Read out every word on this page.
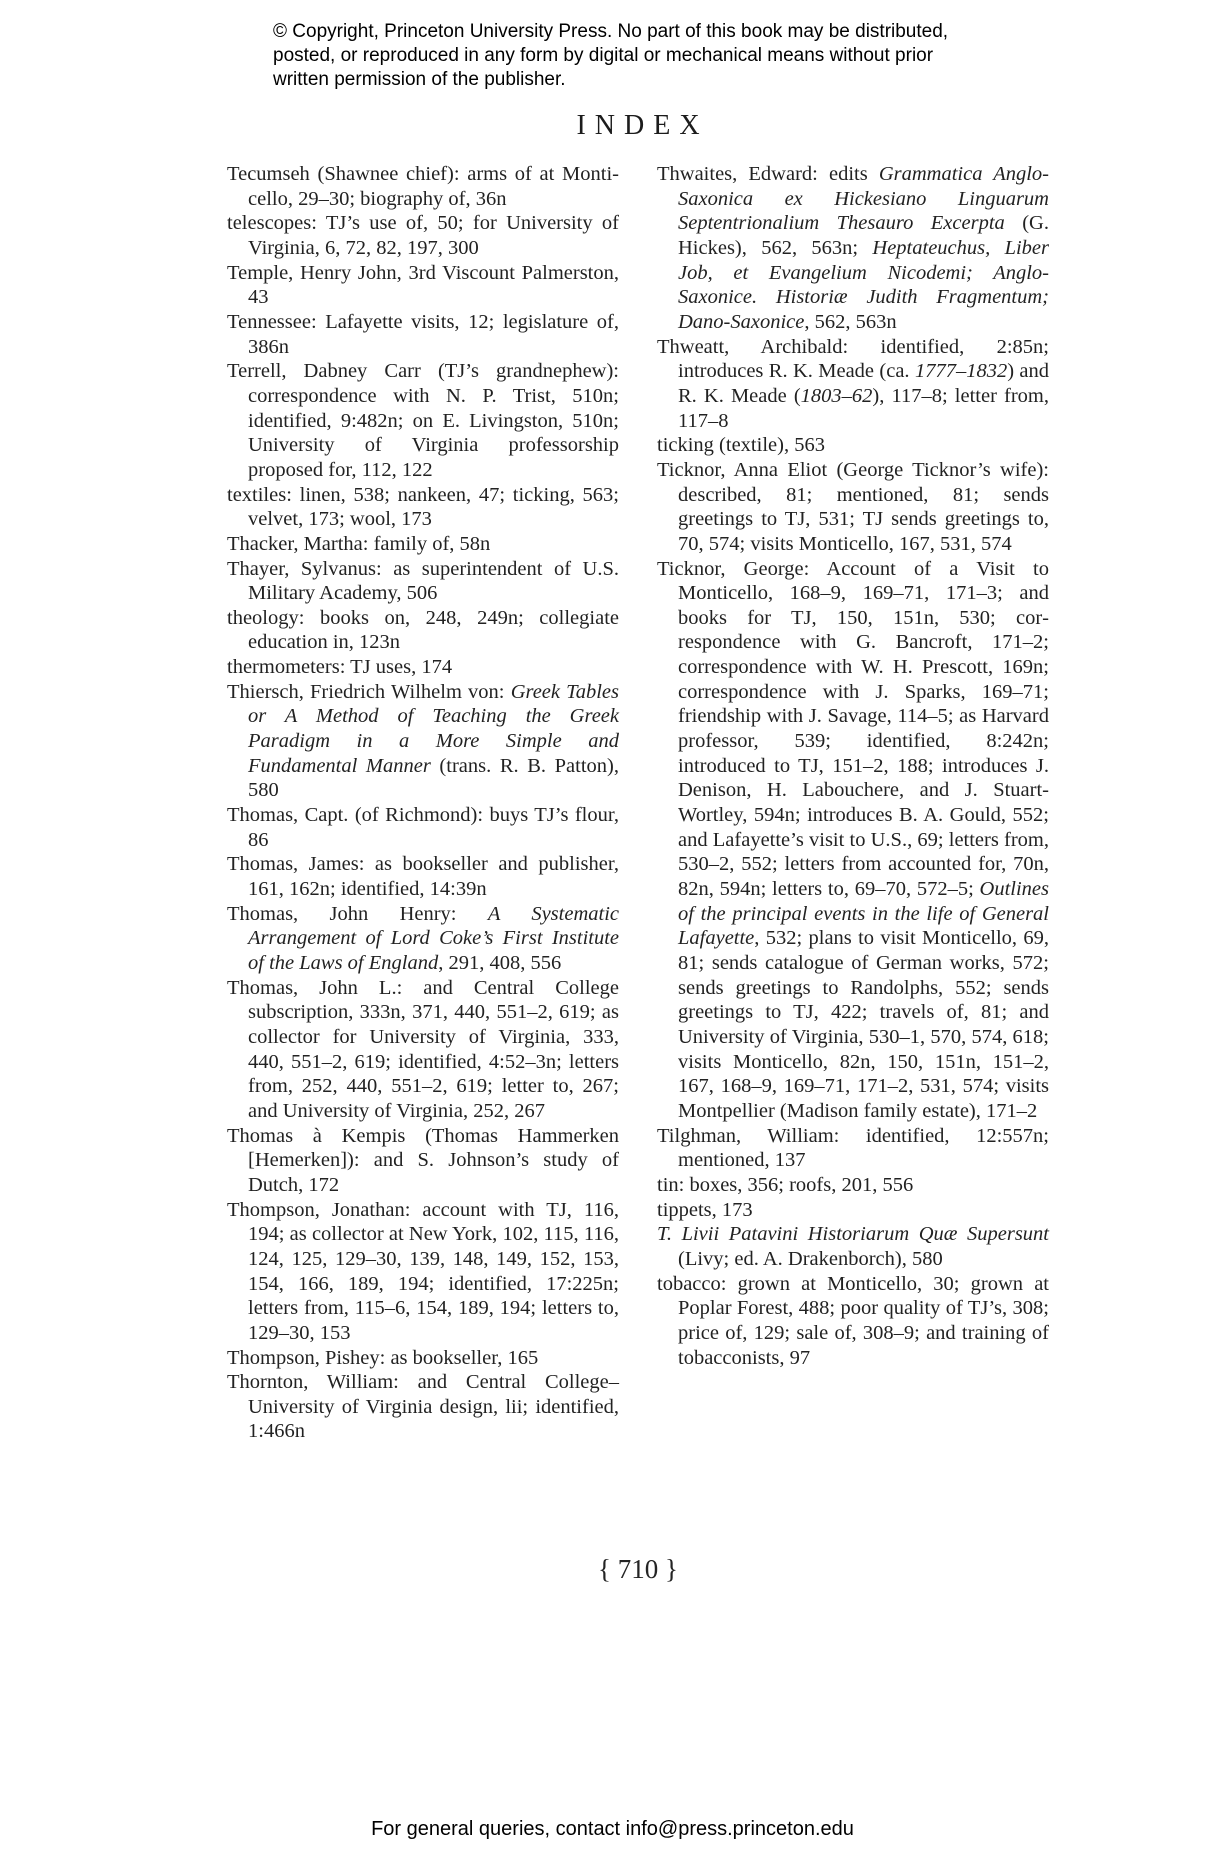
© Copyright, Princeton University Press. No part of this book may be distributed, posted, or reproduced in any form by digital or mechanical means without prior written permission of the publisher.
INDEX

Tecumseh (Shawnee chief): arms of at Monticello, 29–30; biography of, 36n

telescopes: TJ’s use of, 50; for University of Virginia, 6, 72, 82, 197, 300

Temple, Henry John, 3rd Viscount Palmerston, 43

Tennessee: Lafayette visits, 12; legislature of, 386n

Terrell, Dabney Carr (TJ’s grandnephew): correspondence with N. P. Trist, 510n; identified, 9:482n; on E. Livingston, 510n; University of Virginia professorship proposed for, 112, 122

textiles: linen, 538; nankeen, 47; ticking, 563; velvet, 173; wool, 173

Thacker, Martha: family of, 58n

Thayer, Sylvanus: as superintendent of U.S. Military Academy, 506

theology: books on, 248, 249n; collegiate education in, 123n

thermometers: TJ uses, 174

Thiersch, Friedrich Wilhelm von: Greek Tables or A Method of Teaching the Greek Paradigm in a More Simple and Fundamental Manner (trans. R. B. Patton), 580

Thomas, Capt. (of Richmond): buys TJ’s flour, 86

Thomas, James: as bookseller and publisher, 161, 162n; identified, 14:39n

Thomas, John Henry: A Systematic Arrangement of Lord Coke’s First Institute of the Laws of England, 291, 408, 556

Thomas, John L.: and Central College subscription, 333n, 371, 440, 551–2, 619; as collector for University of Virginia, 333, 440, 551–2, 619; identified, 4:52–3n; letters from, 252, 440, 551–2, 619; letter to, 267; and University of Virginia, 252, 267

Thomas à Kempis (Thomas Hammerken [Hemerken]): and S. Johnson’s study of Dutch, 172

Thompson, Jonathan: account with TJ, 116, 194; as collector at New York, 102, 115, 116, 124, 125, 129–30, 139, 148, 149, 152, 153, 154, 166, 189, 194; identified, 17:225n; letters from, 115–6, 154, 189, 194; letters to, 129–30, 153

Thompson, Pishey: as bookseller, 165

Thornton, William: and Central College–University of Virginia design, lii; identified, 1:466n

Thwaites, Edward: edits Grammatica Anglo-Saxonica ex Hickesiano Linguarum Septentrionalium Thesauro Excerpta (G. Hickes), 562, 563n; Heptateuchus, Liber Job, et Evangelium Nicodemi; Anglo-Saxonice. Historiæ Judith Fragmentum; Dano-Saxonice, 562, 563n

Thweatt, Archibald: identified, 2:85n; introduces R. K. Meade (ca. 1777–1832) and R. K. Meade (1803–62), 117–8; letter from, 117–8

ticking (textile), 563

Ticknor, Anna Eliot (George Ticknor’s wife): described, 81; mentioned, 81; sends greetings to TJ, 531; TJ sends greetings to, 70, 574; visits Monticello, 167, 531, 574

Ticknor, George: Account of a Visit to Monticello, 168–9, 169–71, 171–3; and books for TJ, 150, 151n, 530; correspondence with G. Bancroft, 171–2; correspondence with W. H. Prescott, 169n; correspondence with J. Sparks, 169–71; friendship with J. Savage, 114–5; as Harvard professor, 539; identified, 8:242n; introduced to TJ, 151–2, 188; introduces J. Denison, H. Labouchere, and J. Stuart-Wortley, 594n; introduces B. A. Gould, 552; and Lafayette’s visit to U.S., 69; letters from, 530–2, 552; letters from accounted for, 70n, 82n, 594n; letters to, 69–70, 572–5; Outlines of the principal events in the life of General Lafayette, 532; plans to visit Monticello, 69, 81; sends catalogue of German works, 572; sends greetings to Randolphs, 552; sends greetings to TJ, 422; travels of, 81; and University of Virginia, 530–1, 570, 574, 618; visits Monticello, 82n, 150, 151n, 151–2, 167, 168–9, 169–71, 171–2, 531, 574; visits Montpellier (Madison family estate), 171–2

Tilghman, William: identified, 12:557n; mentioned, 137

tin: boxes, 356; roofs, 201, 556

tippets, 173

T. Livii Patavini Historiarum Quæ Supersunt (Livy; ed. A. Drakenborch), 580

tobacco: grown at Monticello, 30; grown at Poplar Forest, 488; poor quality of TJ’s, 308; price of, 129; sale of, 308–9; and training of tobacconists, 97

{ 710 }
For general queries, contact info@press.princeton.edu
